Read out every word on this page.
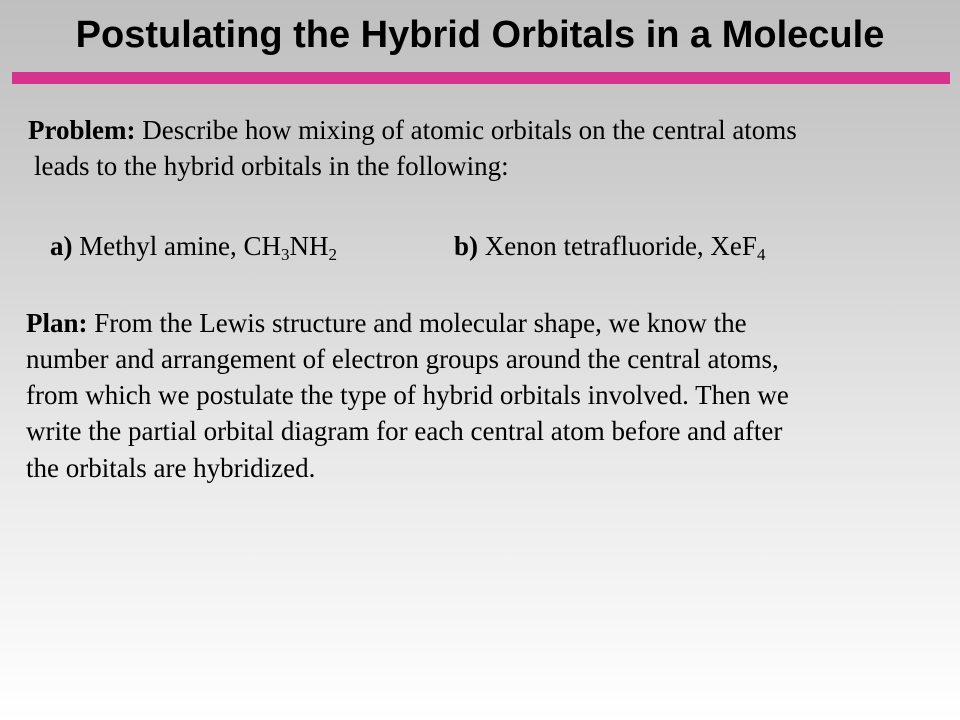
Postulating the Hybrid Orbitals in a Molecule
Problem: Describe how mixing of atomic orbitals on the central atoms
leads to the hybrid orbitals in the following:
a) Methyl amine, $CH_3NH_2$	b) Xenon tetrafluoride, XeF$_4$
Plan: From the Lewis structure and molecular shape, we know the
number and arrangement of electron groups around the central atoms,
from which we postulate the type of hybrid orbitals involved. Then we
write the partial orbital diagram for each central atom before and after
the orbitals are hybridized.
